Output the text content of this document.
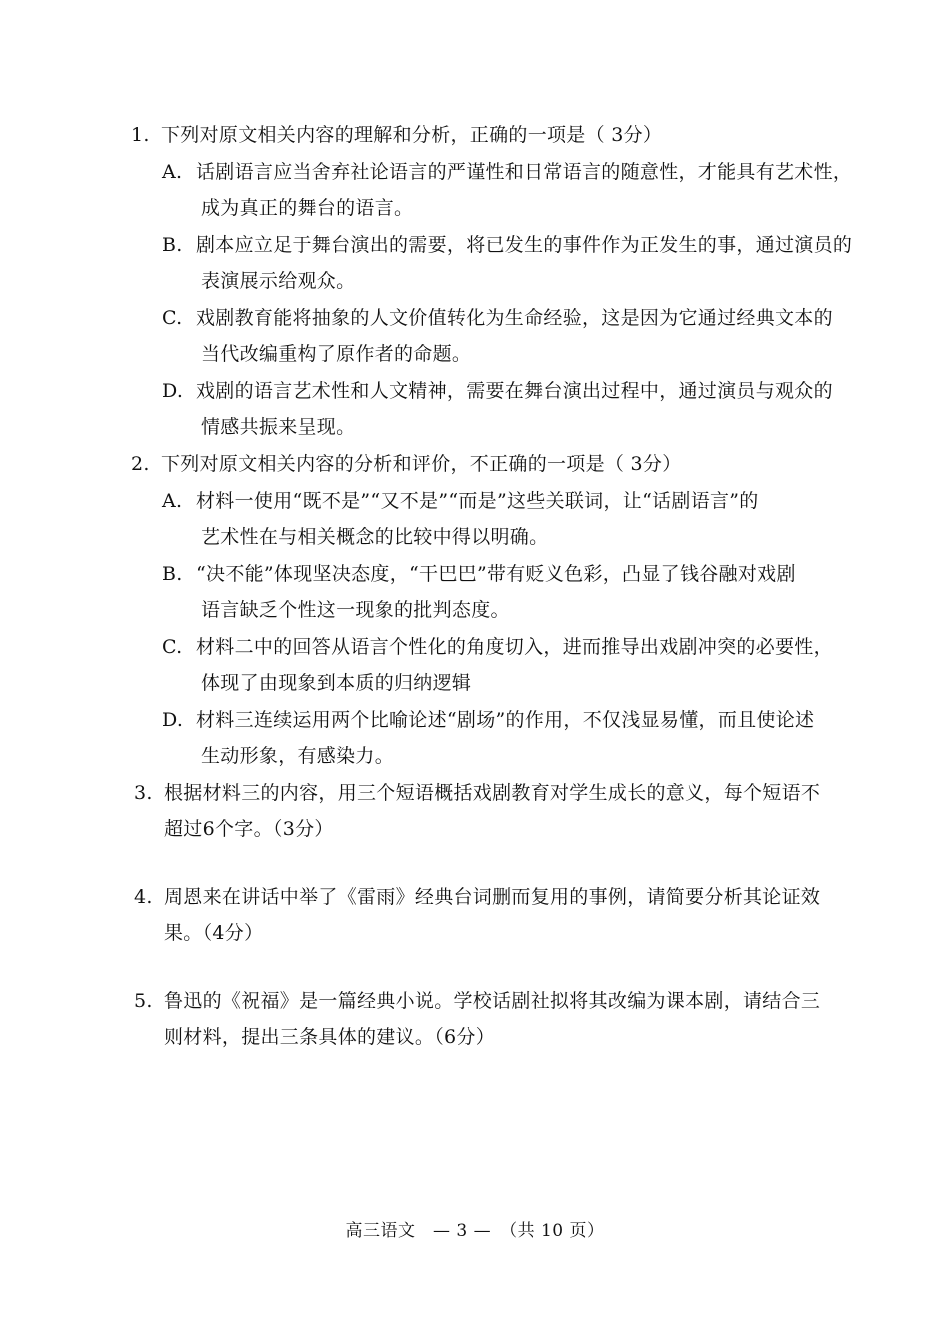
1. 下列对原文相关内容的理解和分析，正确的一项是（ 3分）
A. 话剧语言应当舍弃社论语言的严谨性和日常语言的随意性，才能具有艺术性，
成为真正的舞台的语言。
B. 剧本应立足于舞台演出的需要，将已发生的事件作为正发生的事，通过演员的
表演展示给观众。
C. 戏剧教育能将抽象的人文价值转化为生命经验，这是因为它通过经典文本的
当代改编重构了原作者的命题。
D. 戏剧的语言艺术性和人文精神，需要在舞台演出过程中，通过演员与观众的
情感共振来呈现。
2. 下列对原文相关内容的分析和评价，不正确的一项是（ 3分）
A. 材料一使用“既不是”“又不是”“而是”这些关联词，让“话剧语言”的
艺术性在与相关概念的比较中得以明确。
B. “决不能”体现坚决态度，“干巴巴”带有贬义色彩，凸显了钱谷融对戏剧
语言缺乏个性这一现象的批判态度。
C. 材料二中的回答从语言个性化的角度切入，进而推导出戏剧冲突的必要性，
体现了由现象到本质的归纳逻辑
D. 材料三连续运用两个比喻论述“剧场”的作用，不仅浅显易懂，而且使论述
生动形象，有感染力。
3. 根据材料三的内容，用三个短语概括戏剧教育对学生成长的意义，每个短语不
超过6个字。（3分）
4. 周恩来在讲话中举了《雷雨》经典台词删而复用的事例，请简要分析其论证效
果。（4分）
5. 鲁迅的《祝福》是一篇经典小说。学校话剧社拟将其改编为课本剧，请结合三
则材料，提出三条具体的建议。（6分）
高三语文　— 3 —　（共 10 页）
